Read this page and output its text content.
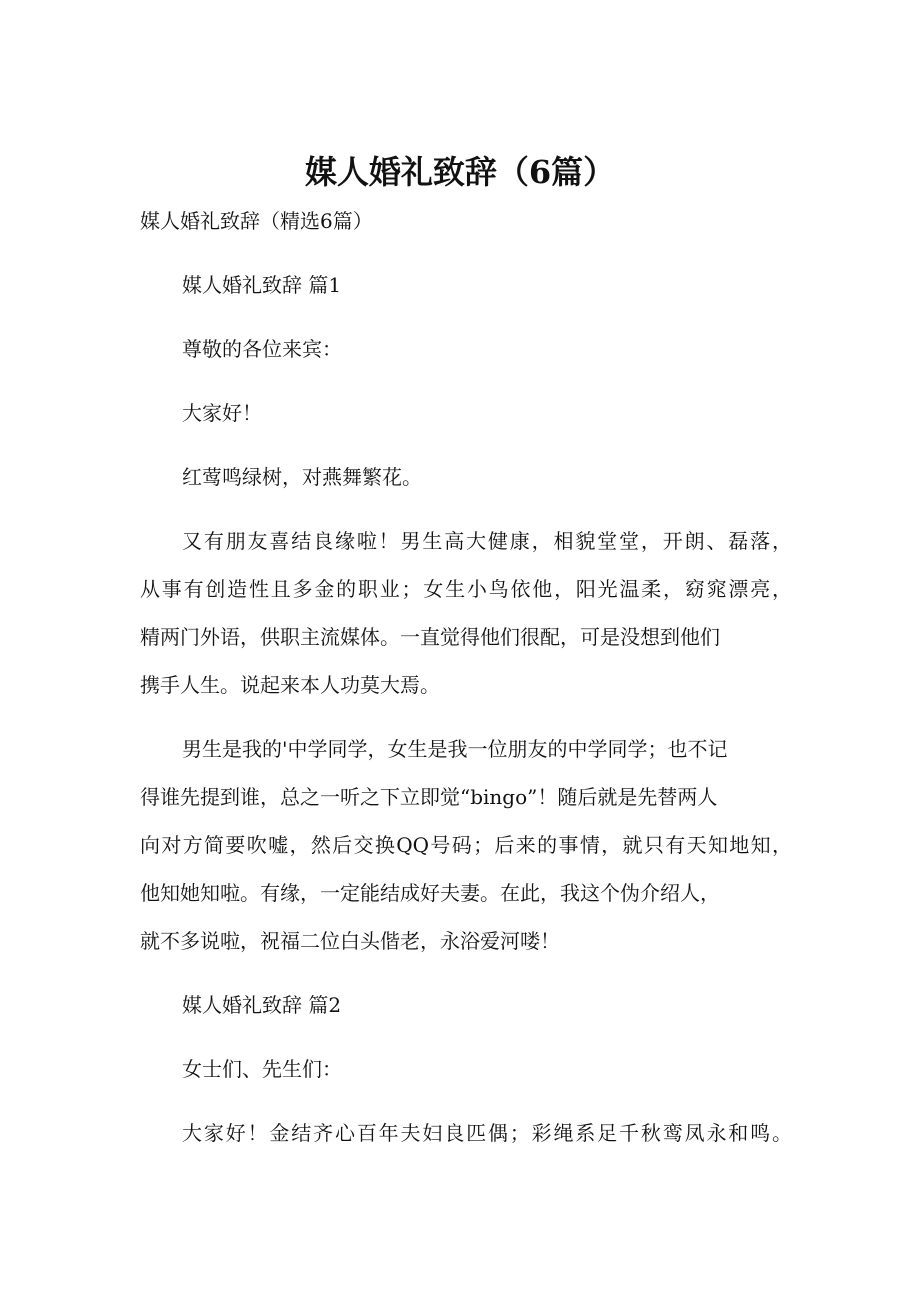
媒人婚礼致辞（6篇）

媒人婚礼致辞（精选6篇）

媒人婚礼致辞 篇1

尊敬的各位来宾：

大家好！

红莺鸣绿树，对燕舞繁花。

又有朋友喜结良缘啦！男生高大健康，相貌堂堂，开朗、磊落，

从事有创造性且多金的职业；女生小鸟依他，阳光温柔，窈窕漂亮，

精两门外语，供职主流媒体。一直觉得他们很配，可是没想到他们

携手人生。说起来本人功莫大焉。

男生是我的'中学同学，女生是我一位朋友的中学同学；也不记

得谁先提到谁，总之一听之下立即觉“bingo”！随后就是先替两人

向对方简要吹嘘，然后交换QQ号码；后来的事情，就只有天知地知，

他知她知啦。有缘，一定能结成好夫妻。在此，我这个伪介绍人，

就不多说啦，祝福二位白头偕老，永浴爱河喽！

媒人婚礼致辞 篇2

女士们、先生们：

大家好！金结齐心百年夫妇良匹偶；彩绳系足千秋鸾凤永和鸣。
